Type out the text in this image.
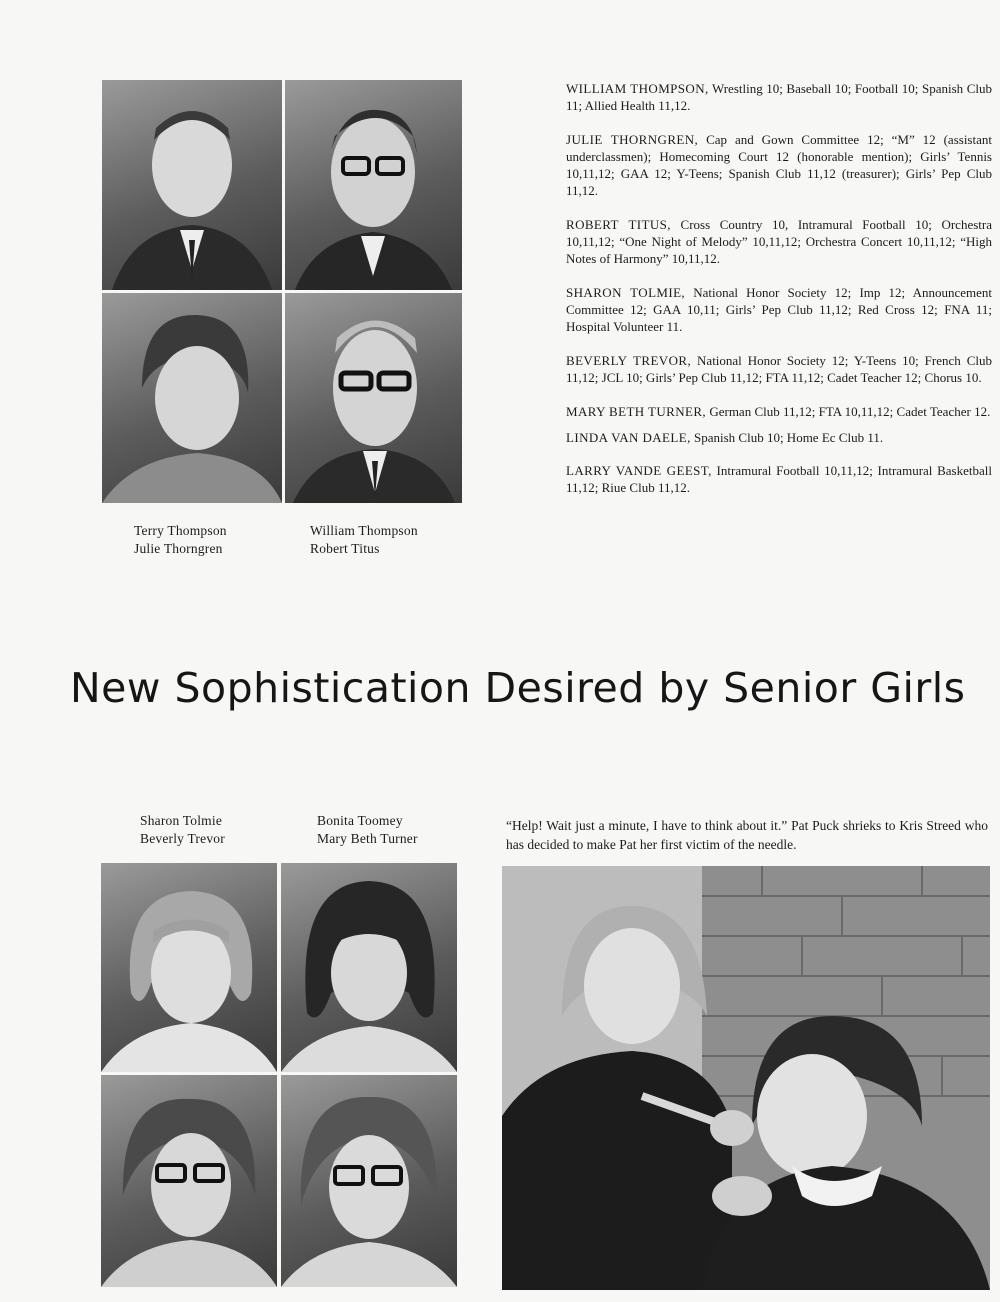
Terry Thompson
Julie Thorngren
William Thompson
Robert Titus

WILLIAM THOMPSON, Wrestling 10; Baseball 10; Football 10; Spanish Club 11; Allied Health 11,12.

JULIE THORNGREN, Cap and Gown Committee 12; “M” 12 (assistant underclassmen); Homecoming Court 12 (honorable mention); Girls’ Tennis 10,11,12; GAA 12; Y-Teens; Spanish Club 11,12 (treasurer); Girls’ Pep Club 11,12.

ROBERT TITUS, Cross Country 10, Intramural Football 10; Orchestra 10,11,12; “One Night of Melody” 10,11,12; Orchestra Concert 10,11,12; “High Notes of Harmony” 10,11,12.

SHARON TOLMIE, National Honor Society 12; Imp 12; Announcement Committee 12; GAA 10,11; Girls’ Pep Club 11,12; Red Cross 12; FNA 11; Hospital Volunteer 11.

BEVERLY TREVOR, National Honor Society 12; Y-Teens 10; French Club 11,12; JCL 10; Girls’ Pep Club 11,12; FTA 11,12; Cadet Teacher 12; Chorus 10.

MARY BETH TURNER, German Club 11,12; FTA 10,11,12; Cadet Teacher 12.

LINDA VAN DAELE, Spanish Club 10; Home Ec Club 11.

LARRY VANDE GEEST, Intramural Football 10,11,12; Intramural Basketball 11,12; Riue Club 11,12.

New Sophistication Desired by Senior Girls
Sharon Tolmie
Beverly Trevor
Bonita Toomey
Mary Beth Turner
“Help! Wait just a minute, I have to think about it.” Pat Puck shrieks to Kris Streed who has decided to make Pat her first victim of the needle.
